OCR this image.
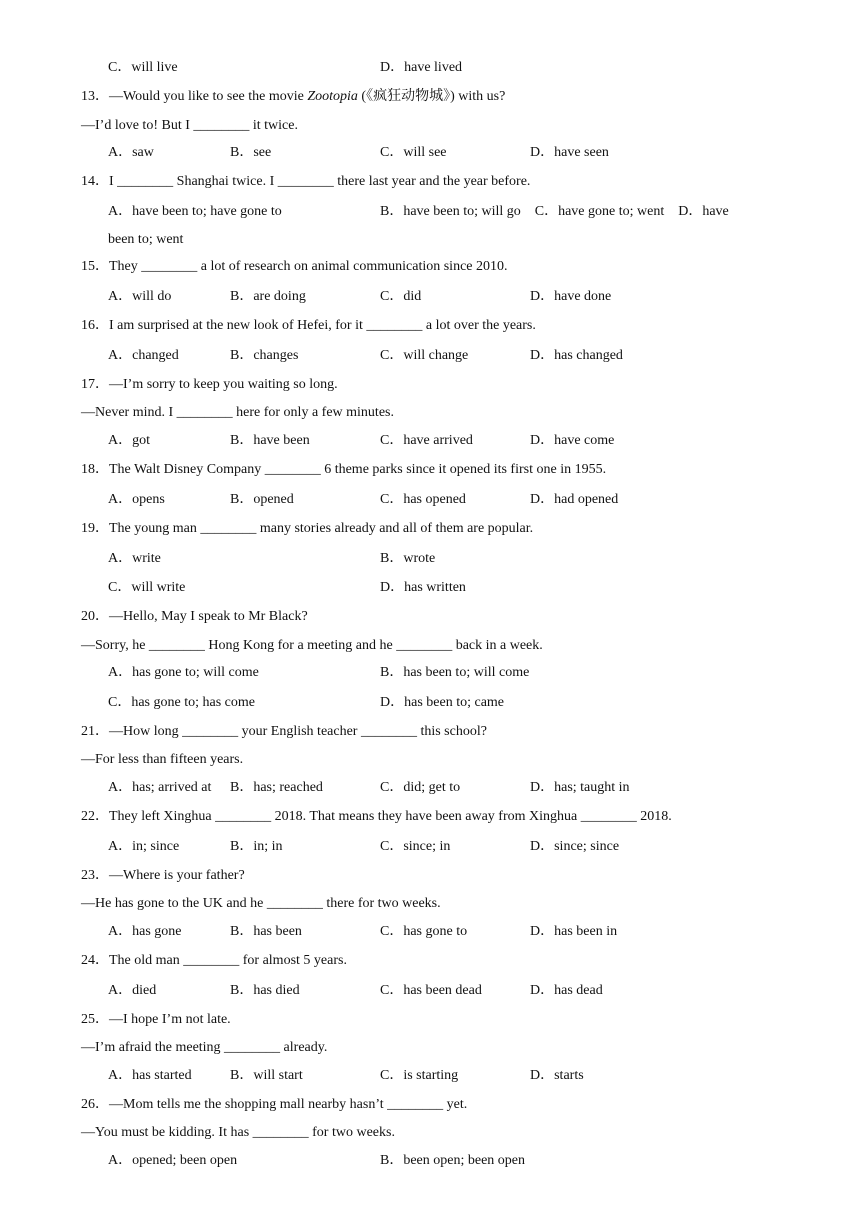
C．will live	D．have lived
13．—Would you like to see the movie Zootopia (《疯狂动物城》) with us?
—I’d love to! But I ________ it twice.
A．saw	B．see	C．will see	D．have seen
14．I ________ Shanghai twice. I ________ there last year and the year before.
A．have been to; have gone to	B．have been to; will go　C．have gone to; went　D．have
been to; went
15．They ________ a lot of research on animal communication since 2010.
A．will do	B．are doing	C．did	D．have done
16．I am surprised at the new look of Hefei, for it ________ a lot over the years.
A．changed	B．changes	C．will change	D．has changed
17．—I’m sorry to keep you waiting so long.
—Never mind. I ________ here for only a few minutes.
A．got	B．have been	C．have arrived	D．have come
18．The Walt Disney Company ________ 6 theme parks since it opened its first one in 1955.
A．opens	B．opened	C．has opened	D．had opened
19．The young man ________ many stories already and all of them are popular.
A．write	B．wrote
C．will write	D．has written
20．—Hello, May I speak to Mr Black?
—Sorry, he ________ Hong Kong for a meeting and he ________ back in a week.
A．has gone to; will come	B．has been to; will come
C．has gone to; has come	D．has been to; came
21．—How long ________ your English teacher ________ this school?
—For less than fifteen years.
A．has; arrived at B．has; reached	C．did; get to	D．has; taught in
22．They left Xinghua ________ 2018. That means they have been away from Xinghua ________ 2018.
A．in; since	B．in; in	C．since; in	D．since; since
23．—Where is your father?
—He has gone to the UK and he ________ there for two weeks.
A．has gone	B．has been	C．has gone to	D．has been in
24．The old man ________ for almost 5 years.
A．died	B．has died	C．has been dead	D．has dead
25．—I hope I’m not late.
—I’m afraid the meeting ________ already.
A．has started	B．will start	C．is starting	D．starts
26．—Mom tells me the shopping mall nearby hasn’t ________ yet.
—You must be kidding. It has ________ for two weeks.
A．opened; been open	B．been open; been open
